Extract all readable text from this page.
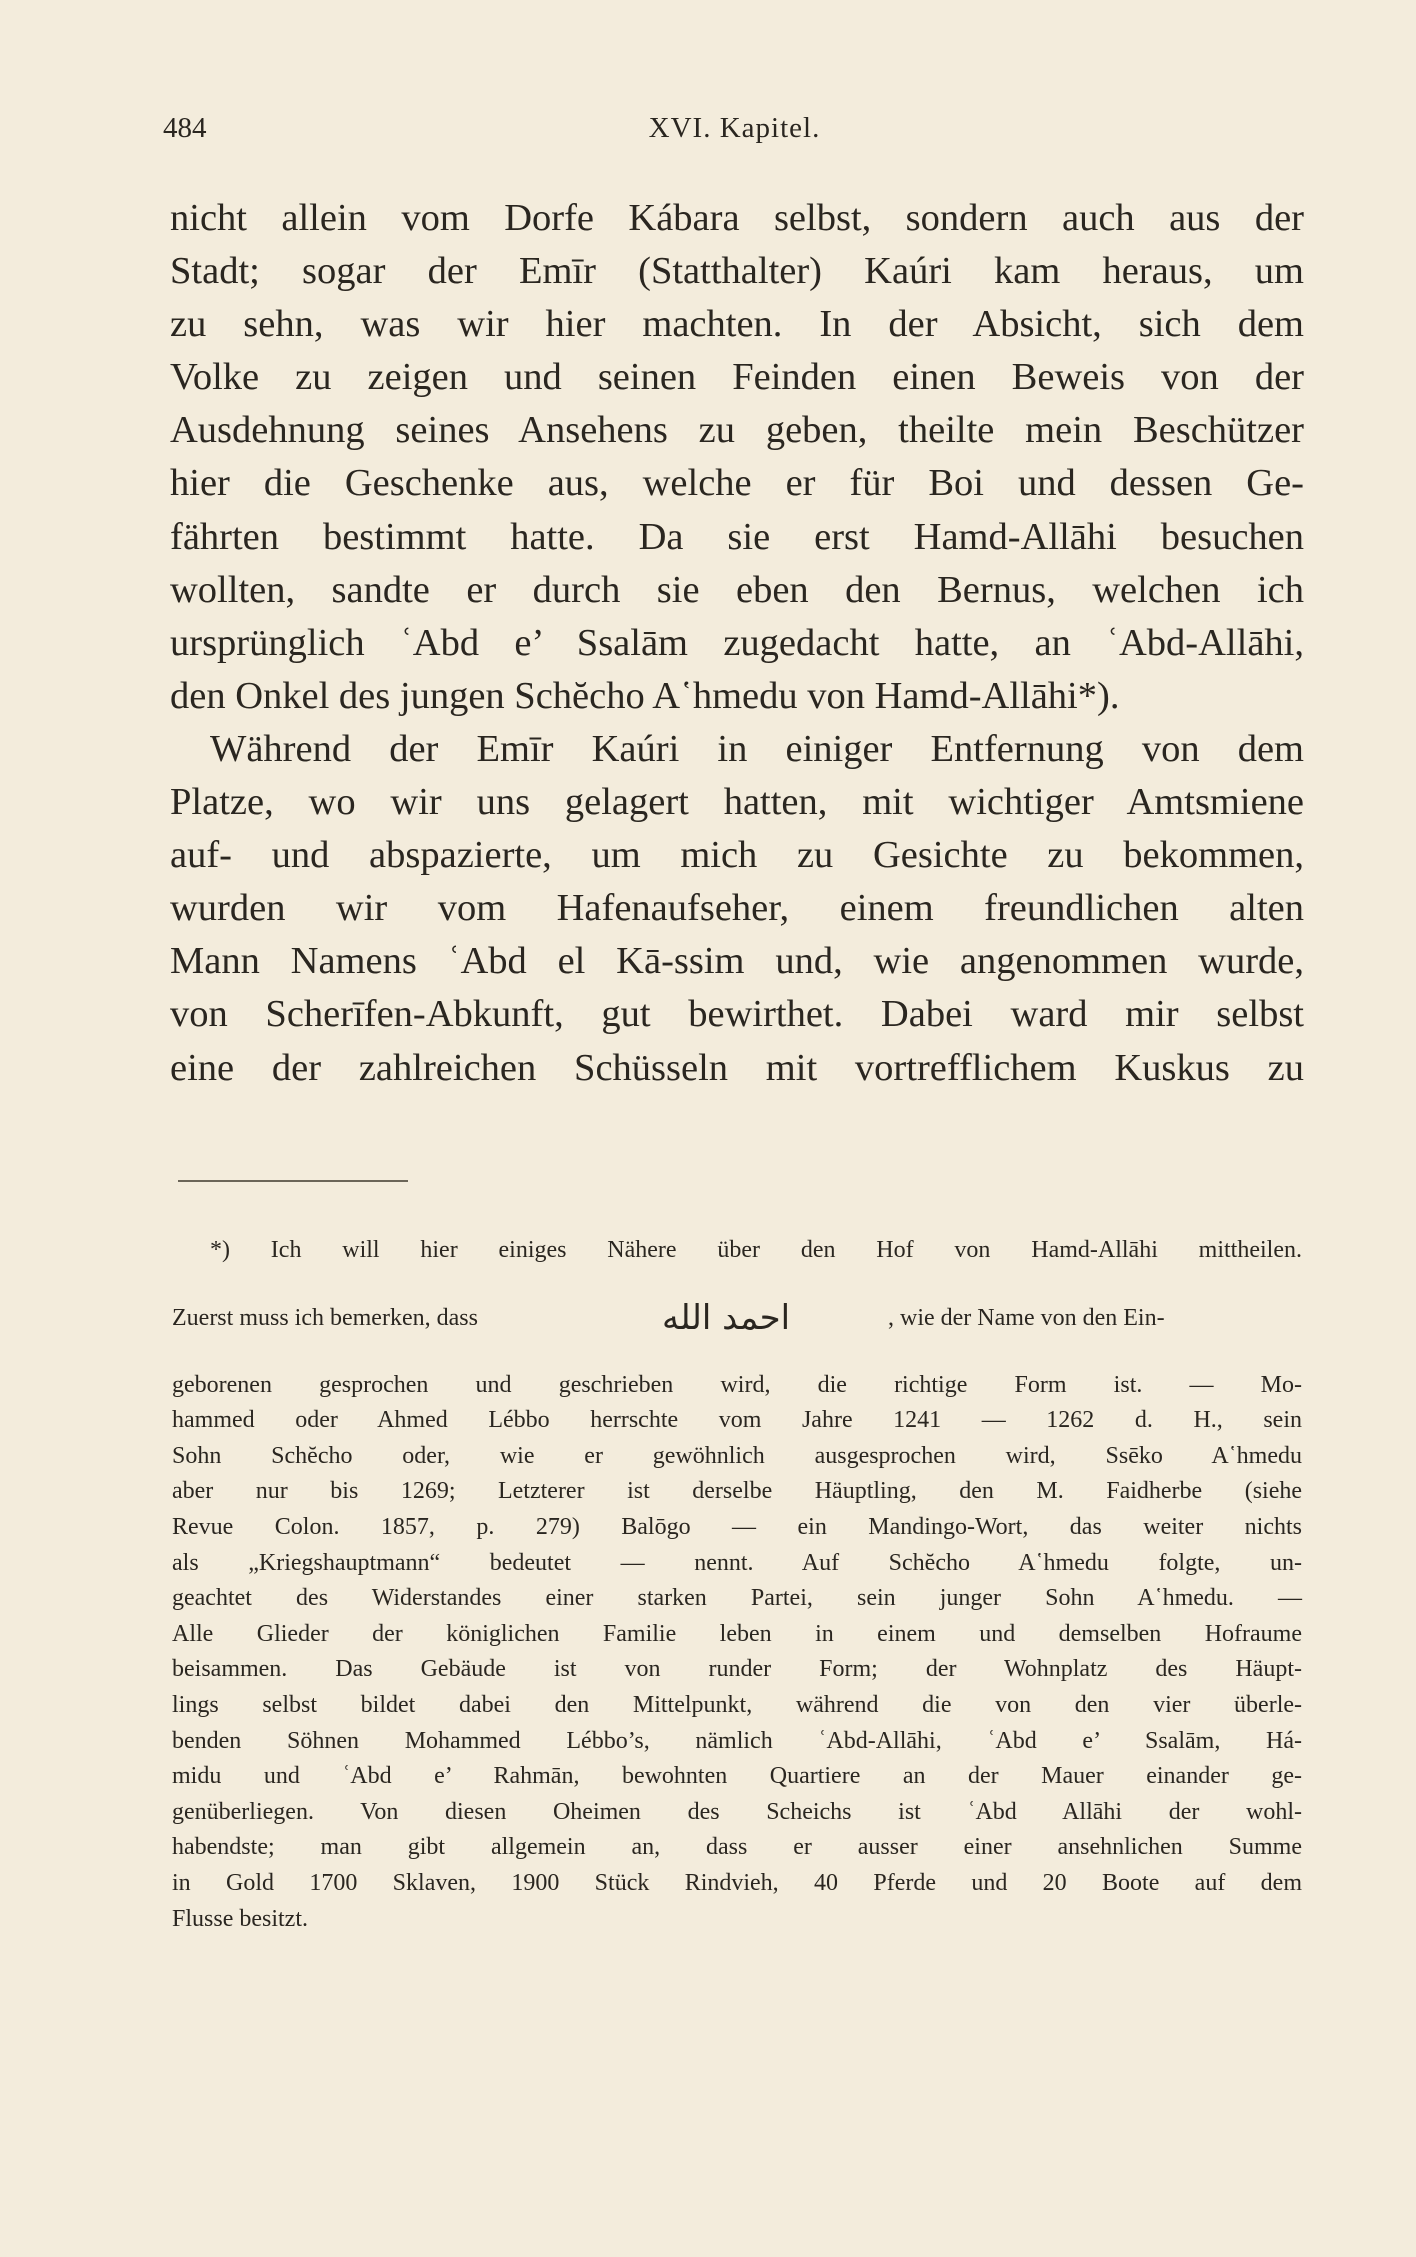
484	XVI. Kapitel.
nicht allein vom Dorfe Kábara selbst, sondern auch aus der
Stadt; sogar der Emīr (Statthalter) Kaúri kam heraus, um
zu sehn, was wir hier machten. In der Absicht, sich dem
Volke zu zeigen und seinen Feinden einen Beweis von der
Ausdehnung seines Ansehens zu geben, theilte mein Beschützer
hier die Geschenke aus, welche er für Boi und dessen Ge-
fährten bestimmt hatte. Da sie erst Hamd-Allāhi besuchen
wollten, sandte er durch sie eben den Bernus, welchen ich
ursprünglich ʿAbd e’ Ssalām zugedacht hatte, an ʿAbd-Allāhi,
den Onkel des jungen Schĕcho A῾hmedu von Hamd-Allāhi*).
Während der Emīr Kaúri in einiger Entfernung von dem
Platze, wo wir uns gelagert hatten, mit wichtiger Amtsmiene
auf- und abspazierte, um mich zu Gesichte zu bekommen,
wurden wir vom Hafenaufseher, einem freundlichen alten
Mann Namens ʿAbd el Kā-ssim und, wie angenommen wurde,
von Scherīfen-Abkunft, gut bewirthet. Dabei ward mir selbst
eine der zahlreichen Schüsseln mit vortrefflichem Kuskus zu
*) Ich will hier einiges Nähere über den Hof von Hamd-Allāhi mittheilen.
Zuerst muss ich bemerken, dass	احمد الله	, wie der Name von den Ein-
geborenen gesprochen und geschrieben wird, die richtige Form ist. — Mo-
hammed oder Ahmed Lébbo herrschte vom Jahre 1241 — 1262 d. H., sein
Sohn Schĕcho oder, wie er gewöhnlich ausgesprochen wird, Ssēko A῾hmedu
aber nur bis 1269; Letzterer ist derselbe Häuptling, den M. Faidherbe (siehe
Revue Colon. 1857, p. 279) Balōgo — ein Mandingo-Wort, das weiter nichts
als „Kriegshauptmann“ bedeutet — nennt. Auf Schĕcho A῾hmedu folgte, un-
geachtet des Widerstandes einer starken Partei, sein junger Sohn A῾hmedu. —
Alle Glieder der königlichen Familie leben in einem und demselben Hofraume
beisammen. Das Gebäude ist von runder Form; der Wohnplatz des Häupt-
lings selbst bildet dabei den Mittelpunkt, während die von den vier überle-
benden Söhnen Mohammed Lébbo’s, nämlich ʿAbd-Allāhi, ʿAbd e’ Ssalām, Há-
midu und ʿAbd e’ Rahmān, bewohnten Quartiere an der Mauer einander ge-
genüberliegen. Von diesen Oheimen des Scheichs ist ʿAbd Allāhi der wohl-
habendste; man gibt allgemein an, dass er ausser einer ansehnlichen Summe
in Gold 1700 Sklaven, 1900 Stück Rindvieh, 40 Pferde und 20 Boote auf dem
Flusse besitzt.
